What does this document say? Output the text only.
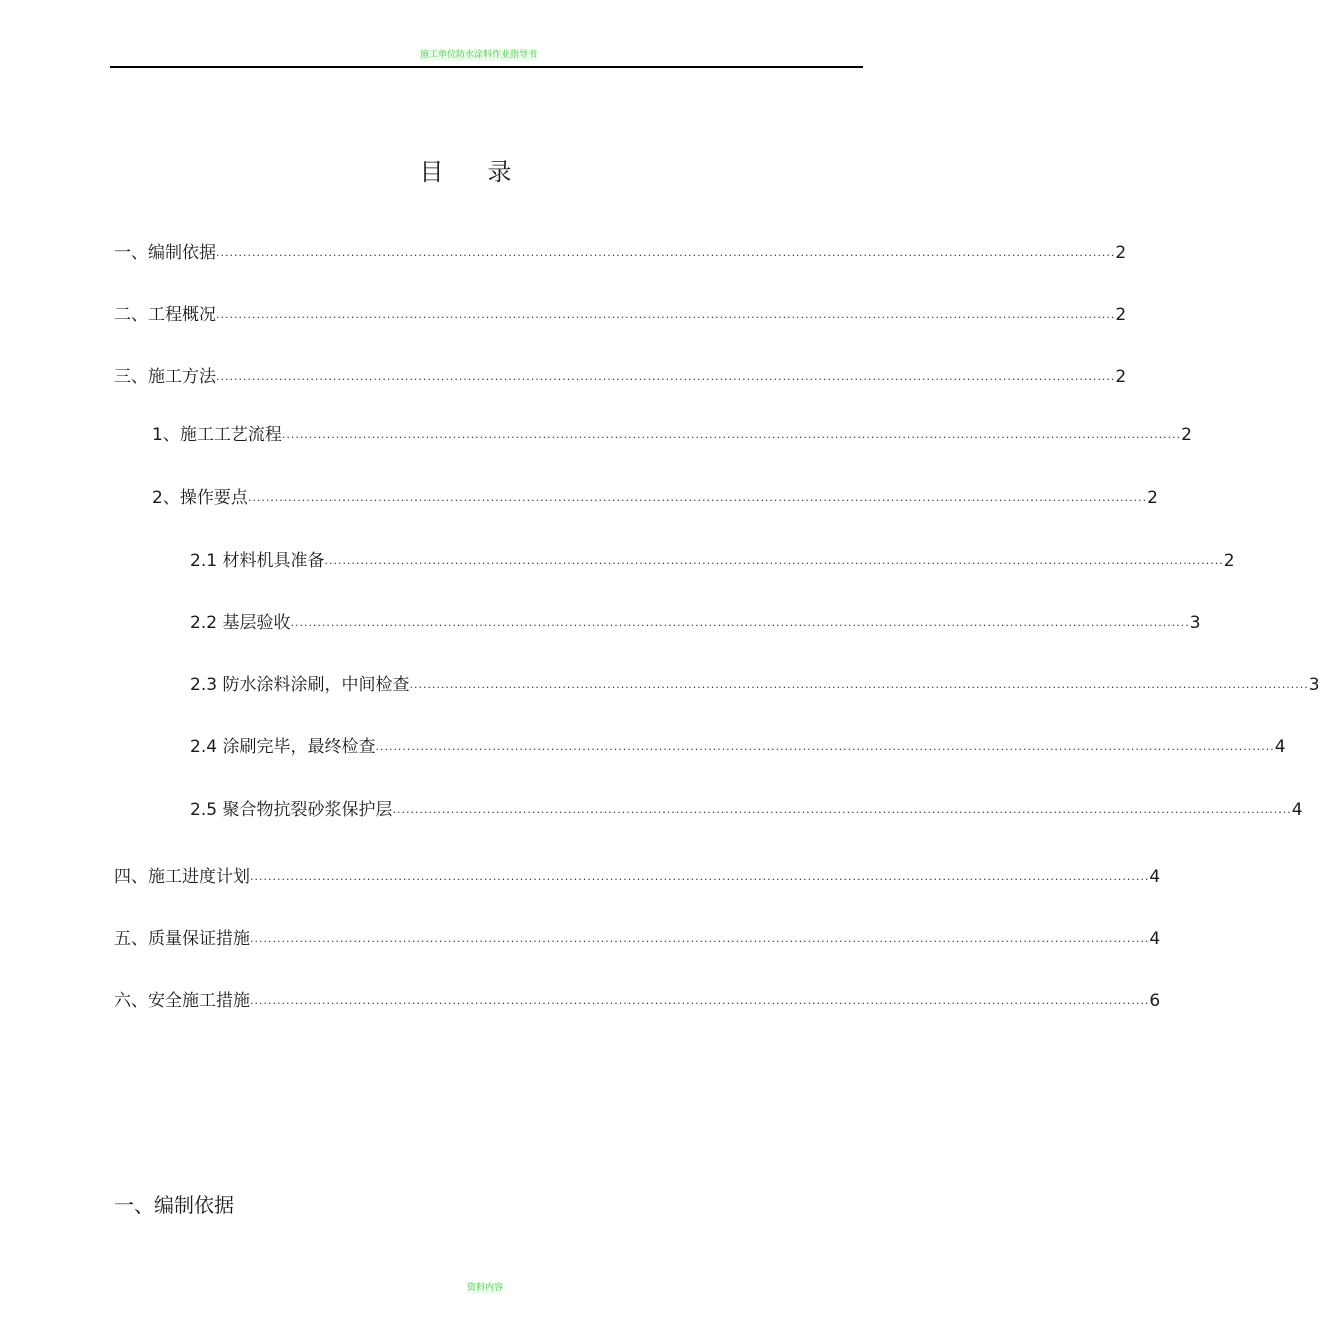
施工单位防水涂料作业指导书
目录
一、编制依据 ........................................................................................................................................................................................................ 2
二、工程概况 ........................................................................................................................................................................................................ 2
三、施工方法 ........................................................................................................................................................................................................ 2
1、施工工艺流程 ........................................................................................................................................................................................................ 2
2、操作要点 ........................................................................................................................................................................................................ 2
2.1 材料机具准备 ........................................................................................................................................................................................................ 2
2.2 基层验收 ........................................................................................................................................................................................................ 3
2.3 防水涂料涂刷，中间检查 ........................................................................................................................................................................................................ 3
2.4 涂刷完毕，最终检查 ........................................................................................................................................................................................................ 4
2.5 聚合物抗裂砂浆保护层 ........................................................................................................................................................................................................ 4
四、施工进度计划 ........................................................................................................................................................................................................ 4
五、质量保证措施 ........................................................................................................................................................................................................ 4
六、安全施工措施 ........................................................................................................................................................................................................ 6
一、编制依据
资料内容
